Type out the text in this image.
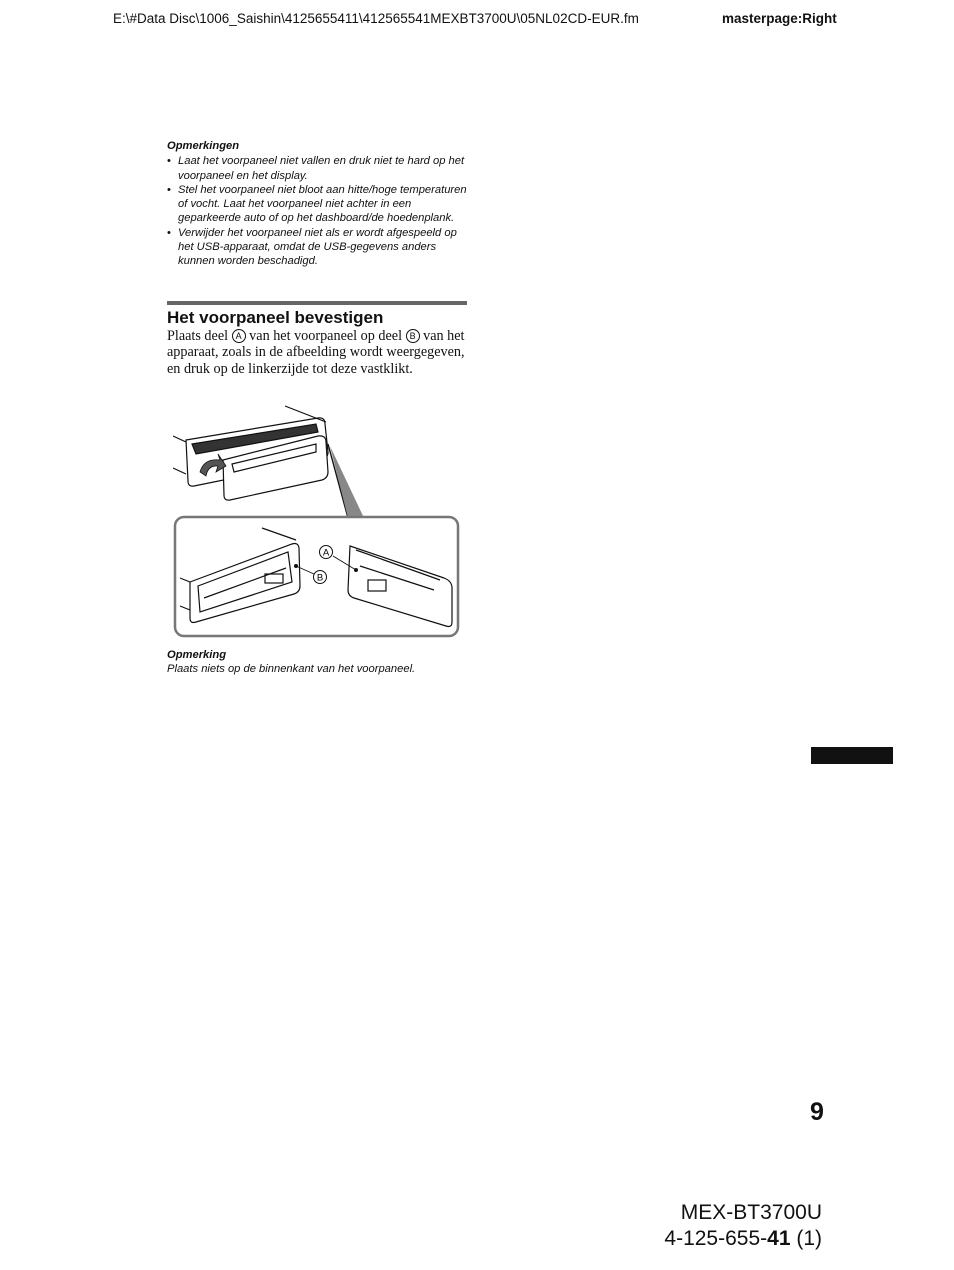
E:\#Data Disc\1006_Saishin\4125655411\412565541MEXBT3700U\05NL02CD-EUR.fm	masterpage:Right
Opmerkingen
• Laat het voorpaneel niet vallen en druk niet te hard op het voorpaneel en het display.
• Stel het voorpaneel niet bloot aan hitte/hoge temperaturen of vocht. Laat het voorpaneel niet achter in een geparkeerde auto of op het dashboard/de hoedenplank.
• Verwijder het voorpaneel niet als er wordt afgespeeld op het USB-apparaat, omdat de USB-gegevens anders kunnen worden beschadigd.
Het voorpaneel bevestigen
Plaats deel A van het voorpaneel op deel B van het apparaat, zoals in de afbeelding wordt weergegeven, en druk op de linkerzijde tot deze vastklikt.
A
B
Opmerking
Plaats niets op de binnenkant van het voorpaneel.
9
MEX-BT3700U
4-125-655-41 (1)
